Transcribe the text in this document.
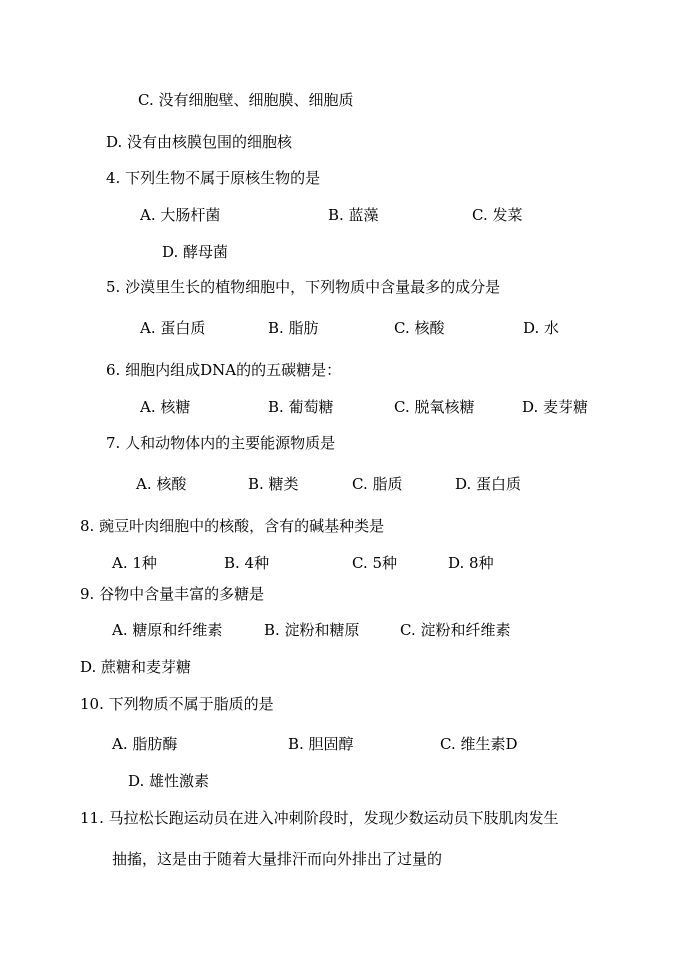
C. 没有细胞壁、细胞膜、细胞质
D. 没有由核膜包围的细胞核
4. 下列生物不属于原核生物的是
A. 大肠杆菌	B. 蓝藻	C. 发菜
D. 酵母菌
5. 沙漠里生长的植物细胞中，下列物质中含量最多的成分是
A. 蛋白质	B. 脂肪	C. 核酸	D. 水
6. 细胞内组成DNA的的五碳糖是：
A. 核糖	B. 葡萄糖	C. 脱氧核糖	D. 麦芽糖
7. 人和动物体内的主要能源物质是
A. 核酸	B. 糖类	C. 脂质	D. 蛋白质
8. 豌豆叶肉细胞中的核酸，含有的碱基种类是
A. 1种	B. 4种	C. 5种	D. 8种
9. 谷物中含量丰富的多糖是
A. 糖原和纤维素	B. 淀粉和糖原	C. 淀粉和纤维素
D. 蔗糖和麦芽糖
10. 下列物质不属于脂质的是
A. 脂肪酶	B. 胆固醇	C. 维生素D
D. 雄性激素
11. 马拉松长跑运动员在进入冲刺阶段时，发现少数运动员下肢肌肉发生
抽搐，这是由于随着大量排汗而向外排出了过量的
